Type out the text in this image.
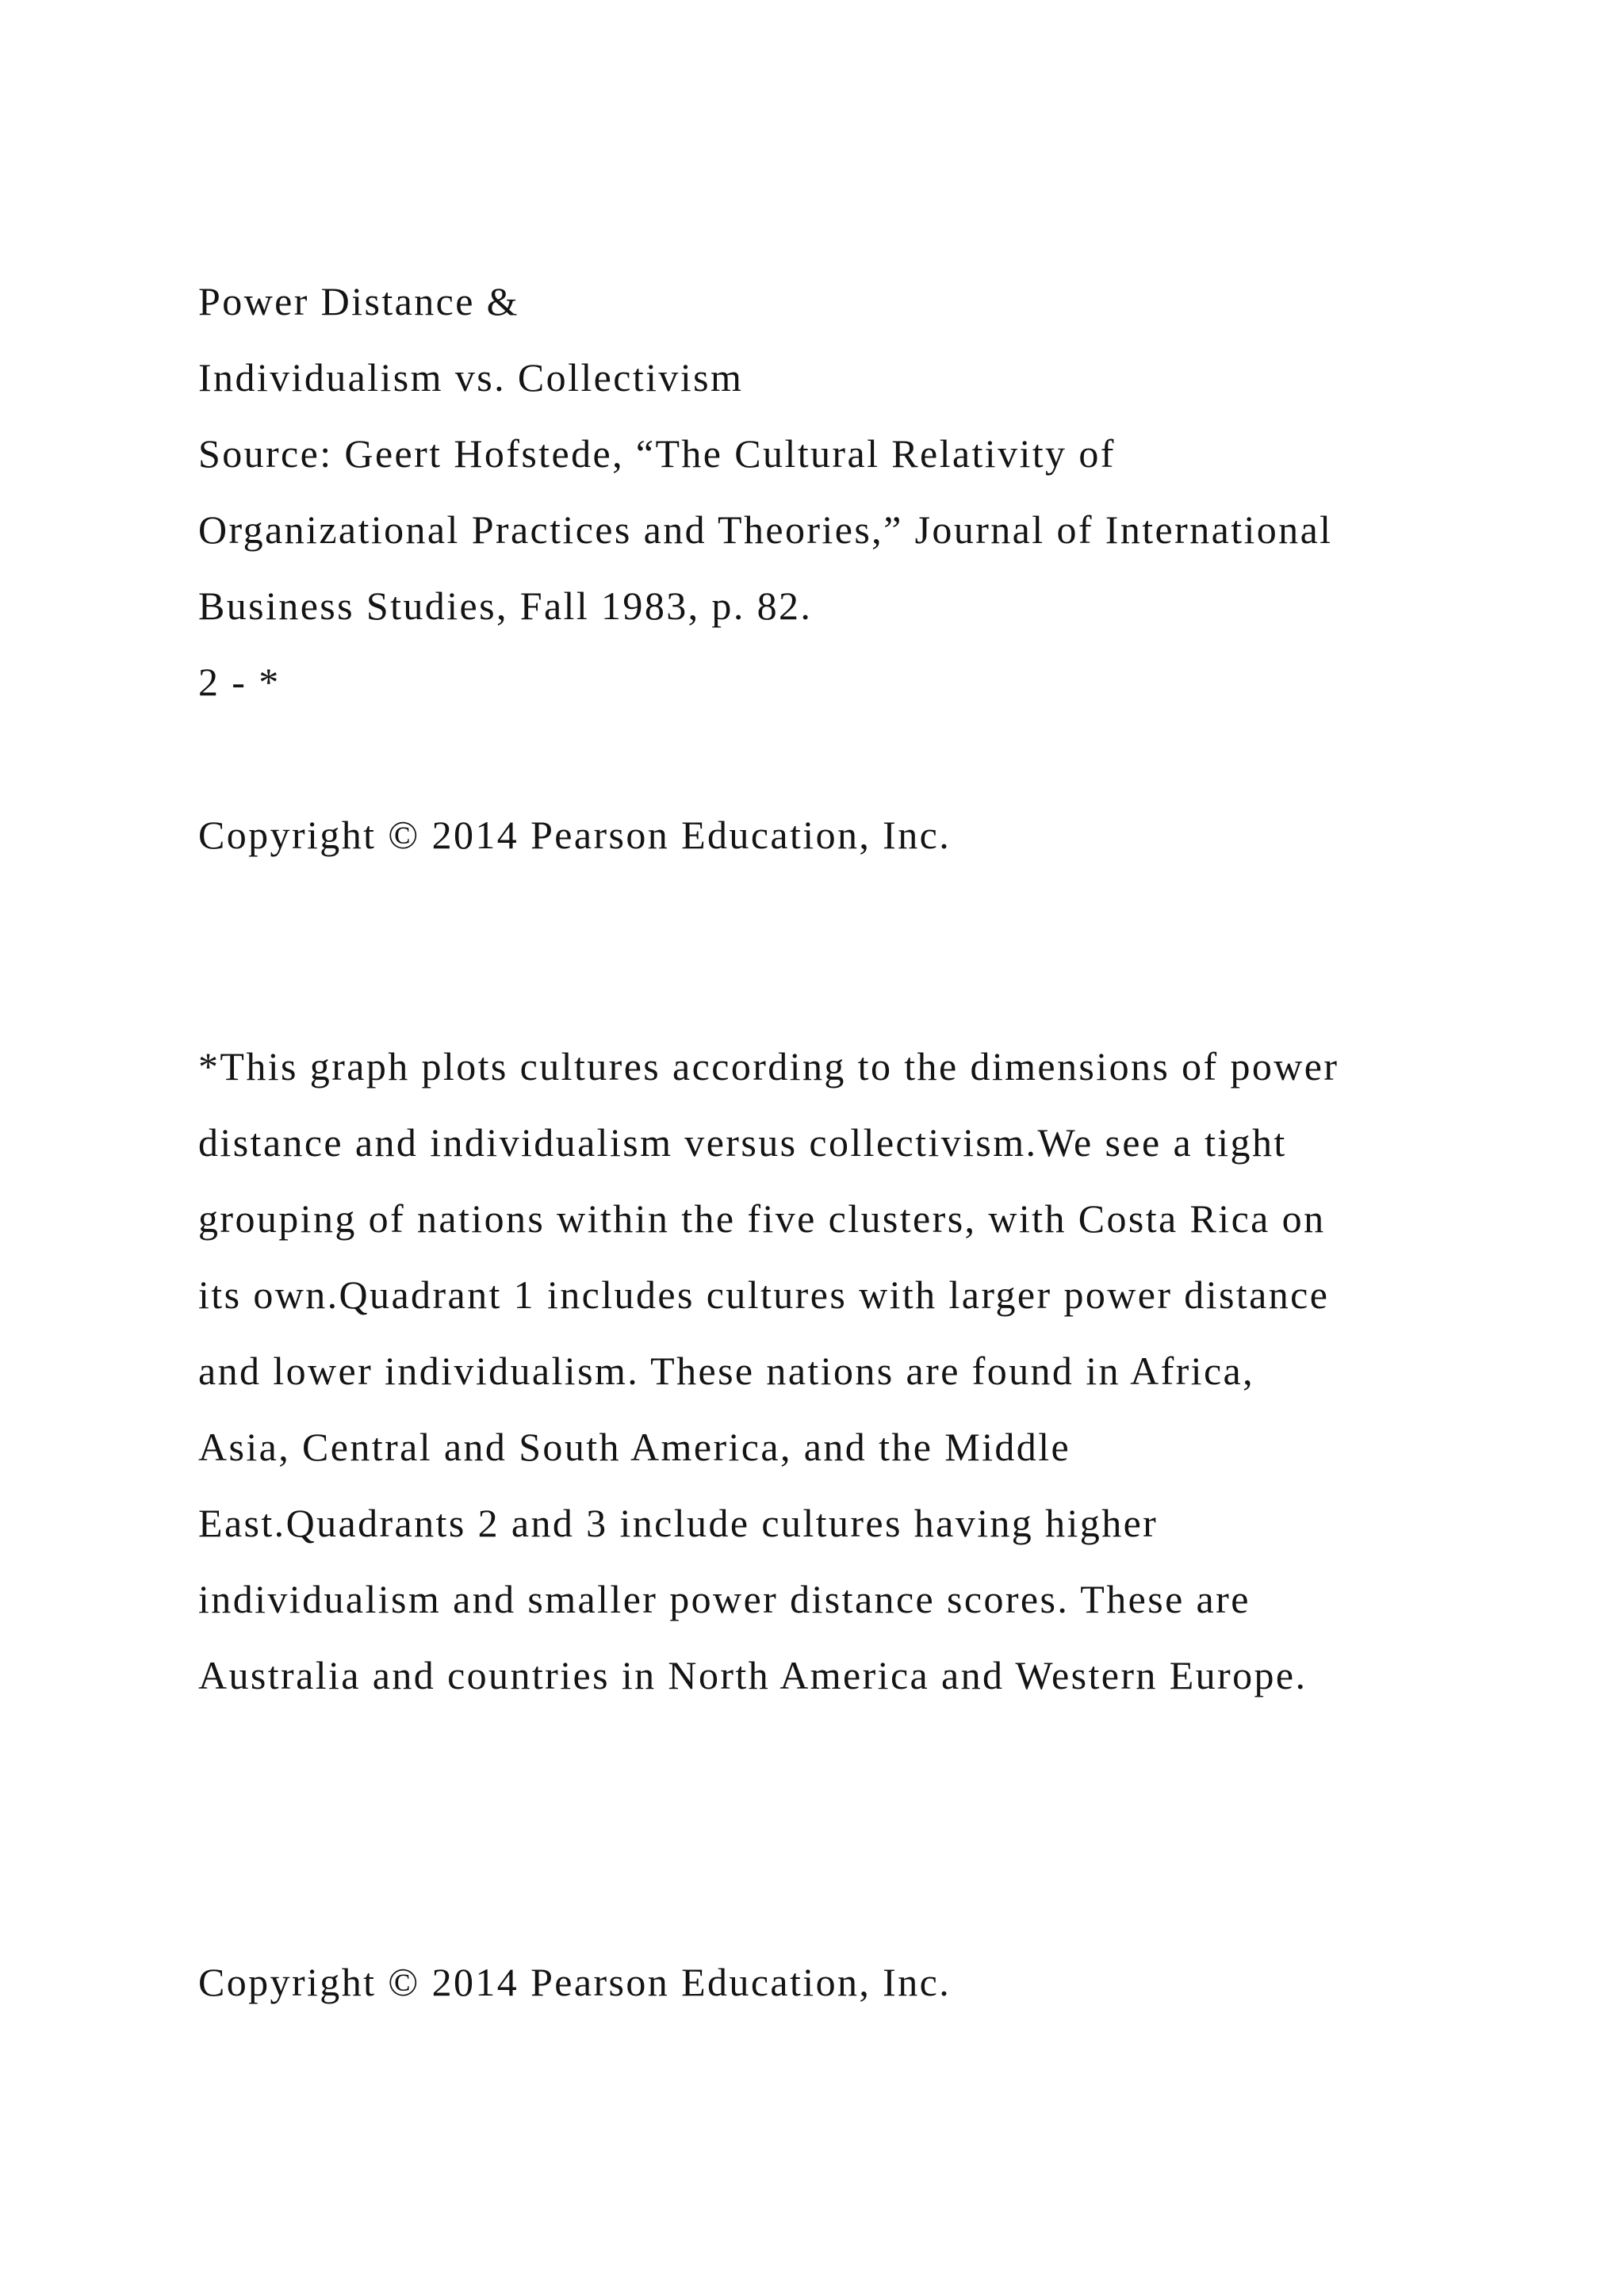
Power Distance &

Individualism vs. Collectivism

Source: Geert Hofstede, “The Cultural Relativity of

Organizational Practices and Theories,” Journal of International

Business Studies, Fall 1983, p. 82.

2 - *

Copyright © 2014 Pearson Education, Inc.

*This graph plots cultures according to the dimensions of power

distance and individualism versus collectivism.We see a tight

grouping of nations within the five clusters, with Costa Rica on

its own.Quadrant 1 includes cultures with larger power distance

and lower individualism. These nations are found in Africa,

Asia, Central and South America, and the Middle

East.Quadrants 2 and 3 include cultures having higher

individualism and smaller power distance scores. These are

Australia and countries in North America and Western Europe.

Copyright © 2014 Pearson Education, Inc.
